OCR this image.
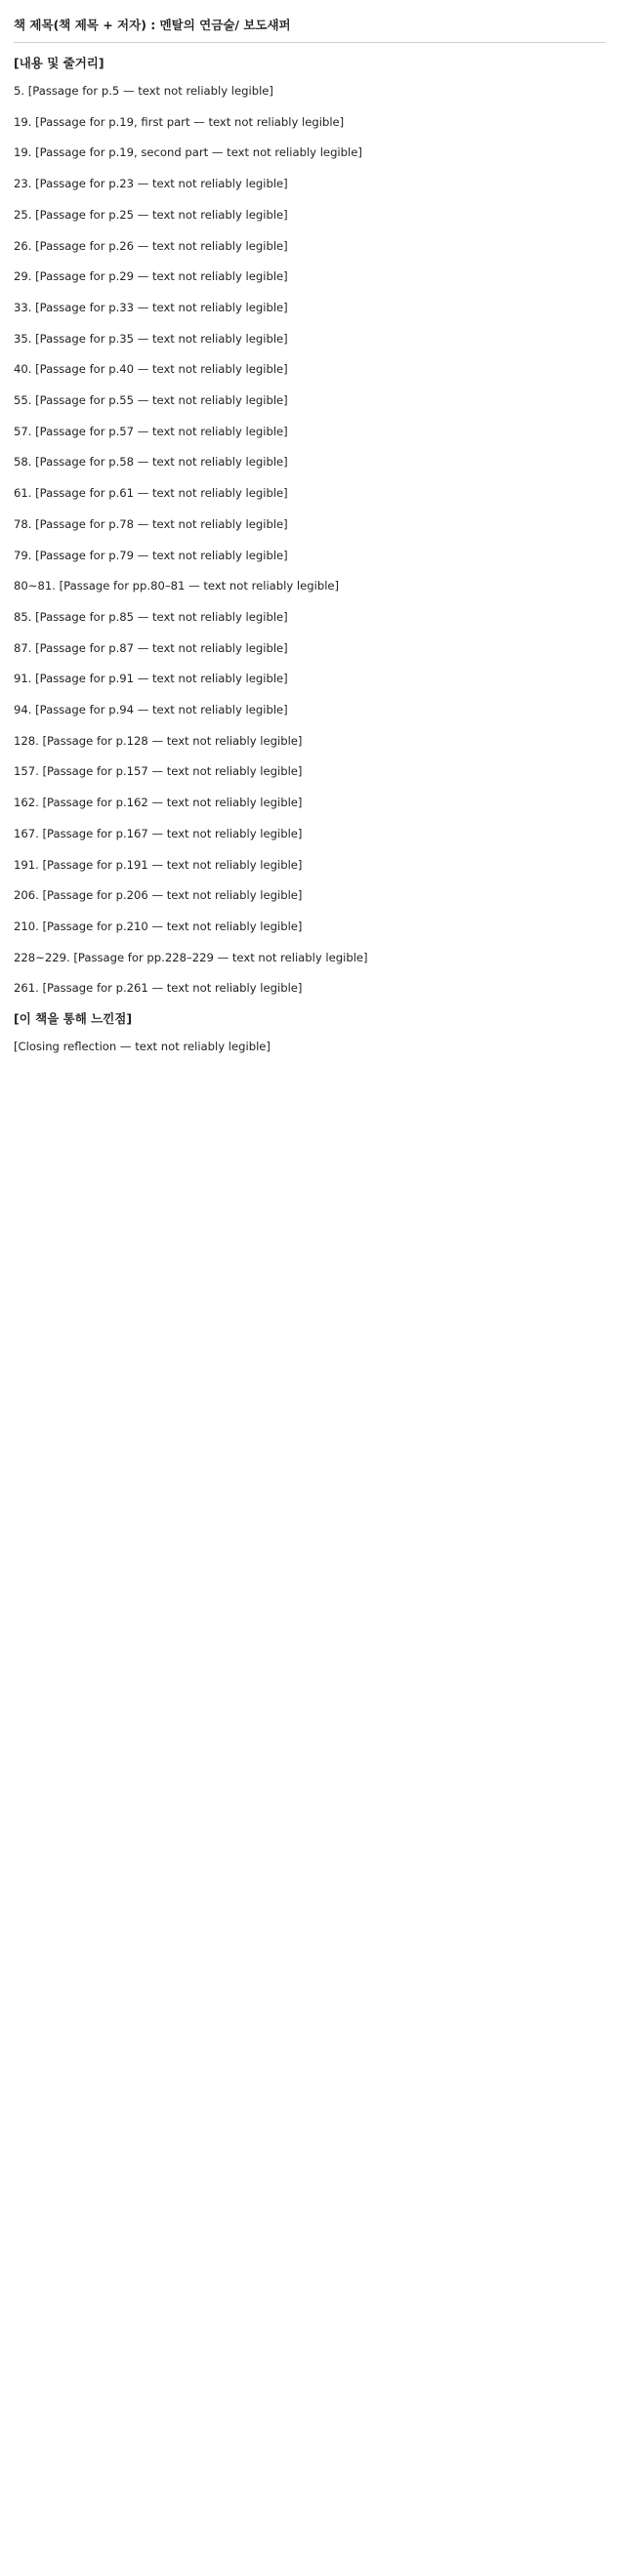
책 제목(책 제목 + 저자) : 멘탈의 연금술/ 보도섀퍼
[내용 및 줄거리]

5. [Passage for p.5 — text not reliably legible]

19. [Passage for p.19, first part — text not reliably legible]

19. [Passage for p.19, second part — text not reliably legible]

23. [Passage for p.23 — text not reliably legible]

25. [Passage for p.25 — text not reliably legible]

26. [Passage for p.26 — text not reliably legible]

29. [Passage for p.29 — text not reliably legible]

33. [Passage for p.33 — text not reliably legible]

35. [Passage for p.35 — text not reliably legible]

40. [Passage for p.40 — text not reliably legible]

55. [Passage for p.55 — text not reliably legible]

57. [Passage for p.57 — text not reliably legible]

58. [Passage for p.58 — text not reliably legible]

61. [Passage for p.61 — text not reliably legible]

78. [Passage for p.78 — text not reliably legible]

79. [Passage for p.79 — text not reliably legible]

80~81. [Passage for pp.80–81 — text not reliably legible]

85. [Passage for p.85 — text not reliably legible]

87. [Passage for p.87 — text not reliably legible]

91. [Passage for p.91 — text not reliably legible]

94. [Passage for p.94 — text not reliably legible]

128. [Passage for p.128 — text not reliably legible]

157. [Passage for p.157 — text not reliably legible]

162. [Passage for p.162 — text not reliably legible]

167. [Passage for p.167 — text not reliably legible]

191. [Passage for p.191 — text not reliably legible]

206. [Passage for p.206 — text not reliably legible]

210. [Passage for p.210 — text not reliably legible]

228~229. [Passage for pp.228–229 — text not reliably legible]

261. [Passage for p.261 — text not reliably legible]

[이 책을 통해 느낀점]

[Closing reflection — text not reliably legible]
